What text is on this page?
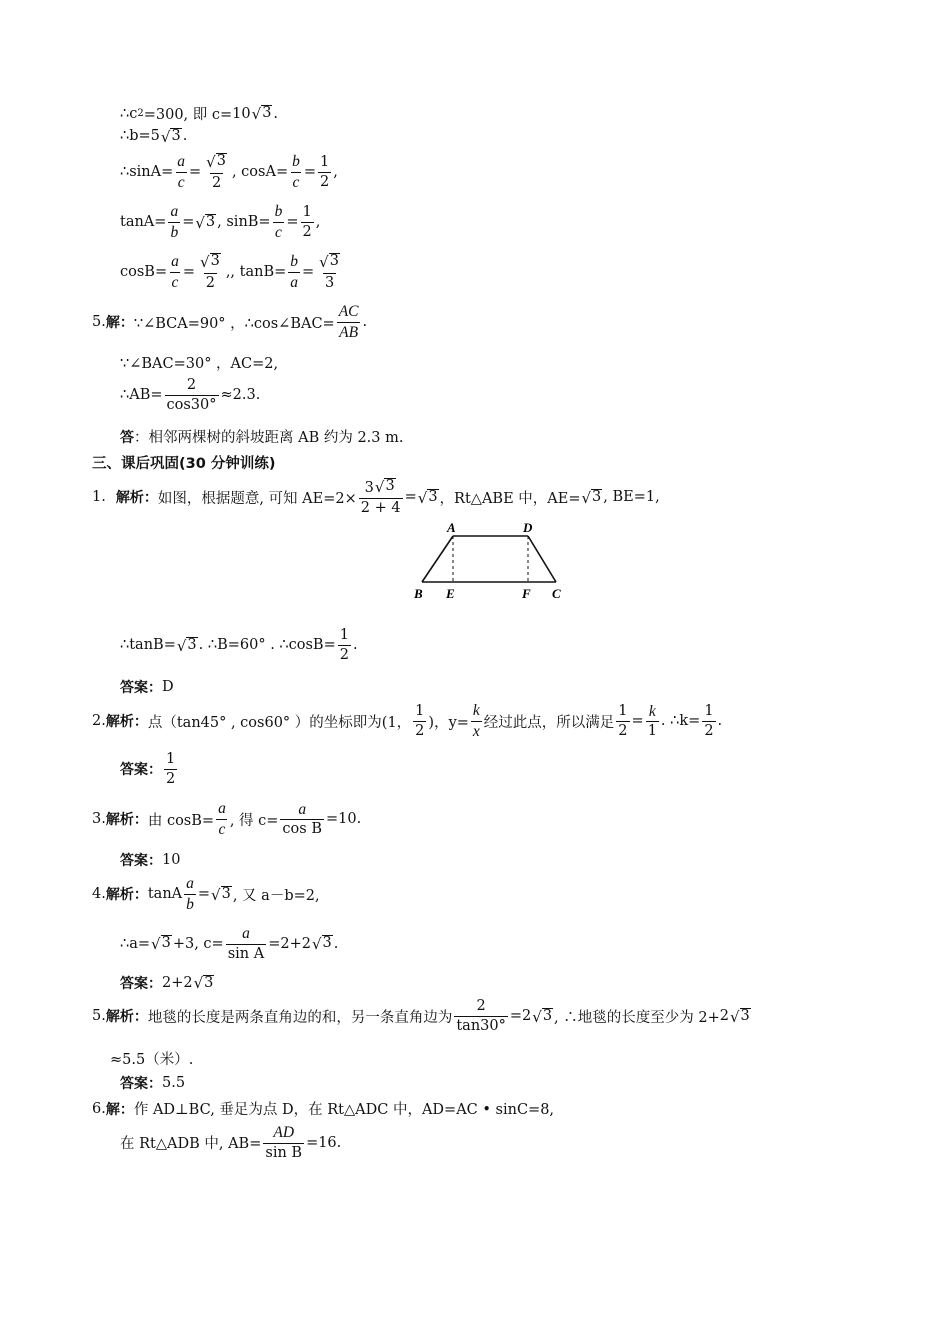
∴c 2 =300, 即 c= 10 √ 3 .
∴b= 5 √ 3 .
∴sinA= $\frac{a}{c} = \frac{√ 3}{2}$ , $\cos A= \frac{b}{c} = \frac{1}{2}$ ,
$\tan A= \frac{a}{b}$ = √ 3 , $\sin B= \frac{b}{c} = \frac{1}{2}$ ,
$\cos B= \frac{a}{c} = \frac{√ 3}{2}$ ,, $\tan B= \frac{b}{a} = \frac{√ 3}{3}$
5. 解： ∵∠BCA=90° ，∴cos∠BAC= $\frac{AC}{AB}$ .
∵∠BAC=30° ，AC=2,
∴AB= $\frac{2}{\cos 30^\circ} \approx 2.3$.
答 ：相邻两棵树的斜坡距离 AB 约为 2.3 m.
三、课后巩固(30 分钟训练)
1. 解析： 如图，根据题意, 可知 $AE=2\times \frac{3 √ 3}{2 + 4}$ = √ 3 ，Rt△ABE 中，AE= √ 3 , BE=1,
A	D
B E	F C
∴tanB= √ 3 . ∴B=60° . ∴cosB= $\frac{1}{2}$ .
答案： D
2. 解析： 点（tan45° , cos60° ）的坐标即为(1， $\frac{1}{2}$ )，$y= \frac{k}{x}$ 经过此点，所以满足 $\frac{1}{2} = \frac{k}{1}$ . ∴k= $\frac{1}{2}$ .
答案： $\frac{1}{2}$
3. 解析： 由 $\cos B= \frac{a}{c}$ , 得 $c= \frac{a}{\text{cos B}} =10$.
答案： 10
4. 解析： tanA $\frac{a}{b}$ = √ 3 , 又 a－b=2,
∴a= √ 3 +3, $c= \frac{a}{\text{sin A}} =2+ 2$ √ 3 .
答案： 2+ 2 √ 3
5. 解析： 地毯的长度是两条直角边的和，另一条直角边为 $\frac{2}{\tan 30^\circ} = 2$ √ 3 , ∴地毯的长度至少为 2+ 2 √ 3
≈5.5（米）.
答案： 5.5
6. 解： 作 AD⊥BC, 垂足为点 D，在 Rt△ADC 中，AD=AC • sinC=8,
在 Rt△ADB 中, $AB= \frac{AD}{\text{sin B}} =16$.
